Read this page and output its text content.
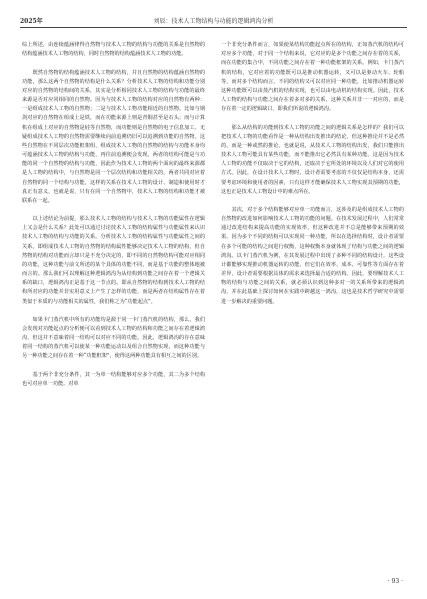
2025年	刘辰：技术人工物结构与功能的逻辑鸿沟分析

综上所述，由连续蕴涵律得自然物与技术人工物的结构与功能的关系是自然物的结构蕴涵技术人工物的结构，同时自然物的结构蕴涵技术人工物的功能。

　　既然自然物的结构蕴涵技术人工物的结构，并且自然物的结构蕴涵自然物的功能，那么这两个自然物的结构是什么关系？分析技术人工物的结构和功能分别对应的自然物的结构间的关系，其实是分析相同技术人工物的结构与功能的最终来源是否对应同相同的自然物。因为与技术人工物的结构对应的自然物有两种：一是组成技术人工物的自然物；二是与技术人工物功能相近的自然物。比如与钢剑对应的自然物在组成上是铁，而在功能来源上则是青铜甚至是石头；而与计算机在组成上对应的自然物是硅等自然物，而功能则是自然物的电子信息加工。无疑组成技术人工物的自然物需要继续向前追溯仍旧可以追溯到功能的自然物。这些自然物在不同层次功能框架组，组成技术人工物的自然物的结构与功能本身均可蕴涵技术人工物的结构与功能，再往前追溯便会发现，两者的结构可能是与功能的同一个自然物的结构与功能，因此作为技术人工物的两个面向的最终来源都是人工物的结构中，与自然物是同一个层次结构和功能相关的，两者共同对应着自然物的同一个结构与功能，这样的关系在技术人工物的设计、制造和使用时才真正有意义，也就是说，只有在同一个自然物中，技术人工物的结构和功能才被联系在一起。

　　以上述结论为前提，那么技术人工物的结构与技术人工物的功能属性在逻辑上又会是什么关系？此处可以通过讨论技术人工物的结构属性与功能属性来认识技术人工物的结构与功能的关系。分析技术人工物的结构属性与功能属性之间的关系。即组成技术人工物的自然物的结构属性能够决定技术人工物的结构，但自然物的结构对功能而言却只是不充分决定的，即不同的自然物结构可能对应相同的功能，这种功能与前文所述的某个具体的功能不同，而是基于功能的整体地被而言的。那么我们可以理解这种逻辑鸿沟为从结构到功能之间存在着一个逻辑关系的缺口，逻辑鸿沟正是基于这一节点的。即从自然物的结构到技术人工物的结构所对应的功能并非实用意义上产生了怎样的功能，而是两者在结构属性存在着类似于本质的与功能相关的属性，我们称之为“功能起点”。

　　如果卡门蒸汽机中所有的功能均是源于同一卡门蒸汽机的结构，那么，我们会发现对功能起点的分析便可以看到技术人工物的结构和功能之间存在着逻辑鸿沟，但这并不意味着同一结构可以对应不同的功能。因此，逻辑鸿沟的存在意味着同一结构的蒸汽机可以使某一种功能运动以及组合自然物实现，而这种功能与另一种功能之间存在着一种“功能框架”，使得这两种功能具有相互之间的区别。

　　基于两个非充分条件，其一为单一结构能够对应多个功能，其二为多个结构也可对应单一功能。对单

一个非充分条件而言，如果使某结构功能起点所在的结构，正如蒸汽机的结构可对应多个功能，对于同一个结构来说，它对应的是多个功能之间存在着的关系，而在功能的集合中，不同功能之间存在着一种功能框架的关系。例如，卡门蒸汽机的结构，它对应着的功能既可以是推动机器运转，又可以是驱动火车、轮船等，而对多个结构而言，不同的结构又可以对应同一种功能，比如推动机器运转这种功能既可以由蒸汽机的结构实现，也可以由电动机的结构实现。因此，技术人工物的结构与功能之间存在着多对多的关系，这种关系并非一一对应的，而是存在着一定的逻辑缺口，即我们所说的逻辑鸿沟。

　　那么从结构的功能到技术人工物的功能之间的逻辑关系是怎样的？我们可以把技术人工物的功能看作是一种从结构出发推出的结论，但这种推论并不是必然的，而是一种或然的推论。也就是说，从技术人工物的结构出发，我们只能推出技术人工物可能具有某些功能，而不能推出它必然具有某种功能。这是因为技术人工物的功能不仅取决于它的结构，还取决于它所处的环境以及人们对它的使用方式。因此，在设计技术人工物时，设计者需要考虑的不仅仅是结构本身，还需要考虑环境和使用者的因素，只有这样才能确保技术人工物实现其预期的功能，这也正是技术人工物设计中的难点所在。

　　其次，对于多个结构能够对应单一功能而言，这涉及的是组成技术人工物的自然物的改进如何影响技术人工物的功能的问题。在技术发展过程中，人们常常通过改进结构来提高功能的实现效率，但这种改进并不总是能够带来预期的效果。因为多个不同的结构可以实现同一种功能，所以在选择结构时，设计者需要在多个可能的结构之间进行权衡，这种权衡本身就体现了结构与功能之间的逻辑鸿沟。以卡门蒸汽机为例，在其发展过程中出现了多种不同的结构设计，这些设计都能够实现推动机器运转的功能，但它们在效率、成本、可靠性等方面存在着差异，设计者需要根据具体的需求来选择最合适的结构。因此，要理解技术人工物的结构与功能之间的关系，就必须认识到这种多对一的关系所带来的逻辑鸿沟，并在此基础上探讨如何在实践中跨越这一鸿沟，这也是技术哲学研究中需要进一步解决的重要问题。

· 93 ·
